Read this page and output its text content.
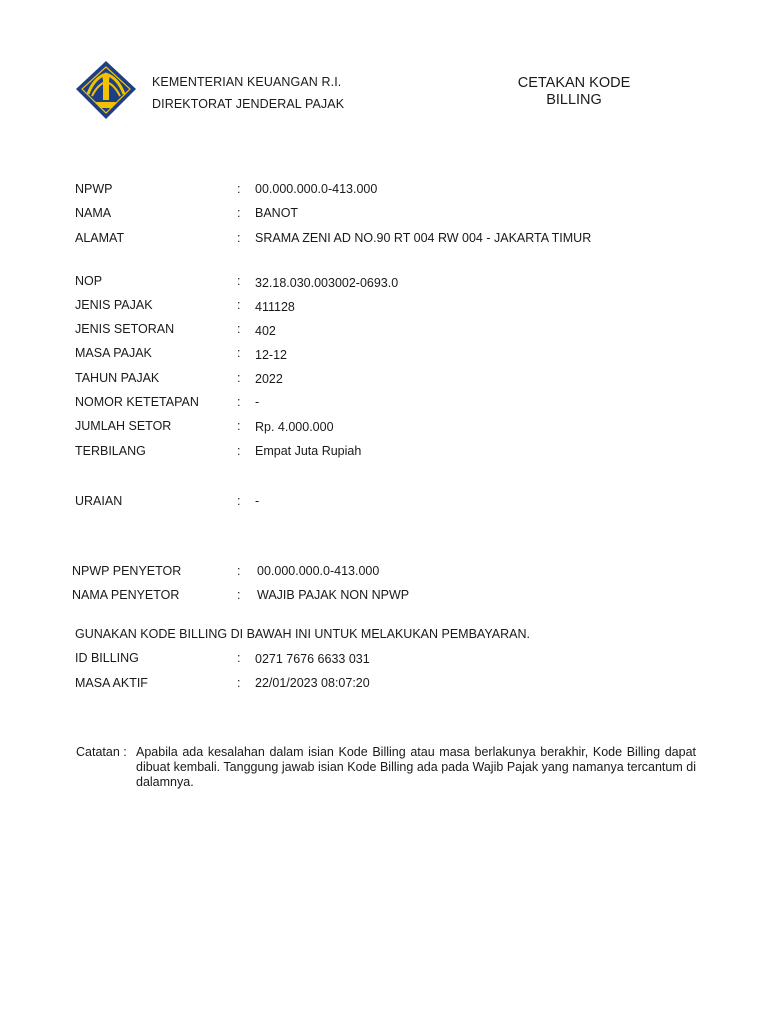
KEMENTERIAN KEUANGAN R.I.
DIREKTORAT JENDERAL PAJAK
CETAKAN KODE
BILLING
NPWP	: 00.000.000.0-413.000
NAMA	: BANOT
ALAMAT	: SRAMA ZENI AD NO.90 RT 004 RW 004 - JAKARTA TIMUR
NOP	: 32.18.030.003002-0693.0
JENIS PAJAK	: 411128
JENIS SETORAN	: 402
MASA PAJAK	: 12-12
TAHUN PAJAK	: 2022
NOMOR KETETAPAN	: -
JUMLAH SETOR	: Rp. 4.000.000
TERBILANG	: Empat Juta Rupiah
URAIAN	: -
NPWP PENYETOR	: 00.000.000.0-413.000
NAMA PENYETOR	: WAJIB PAJAK NON NPWP
GUNAKAN KODE BILLING DI BAWAH INI UNTUK MELAKUKAN PEMBAYARAN.
ID BILLING	: 0271 7676 6633 031
MASA AKTIF	: 22/01/2023 08:07:20
Catatan : Apabila ada kesalahan dalam isian Kode Billing atau masa berlakunya berakhir, Kode Billing dapat dibuat kembali. Tanggung jawab isian Kode Billing ada pada Wajib Pajak yang namanya tercantum di dalamnya.
